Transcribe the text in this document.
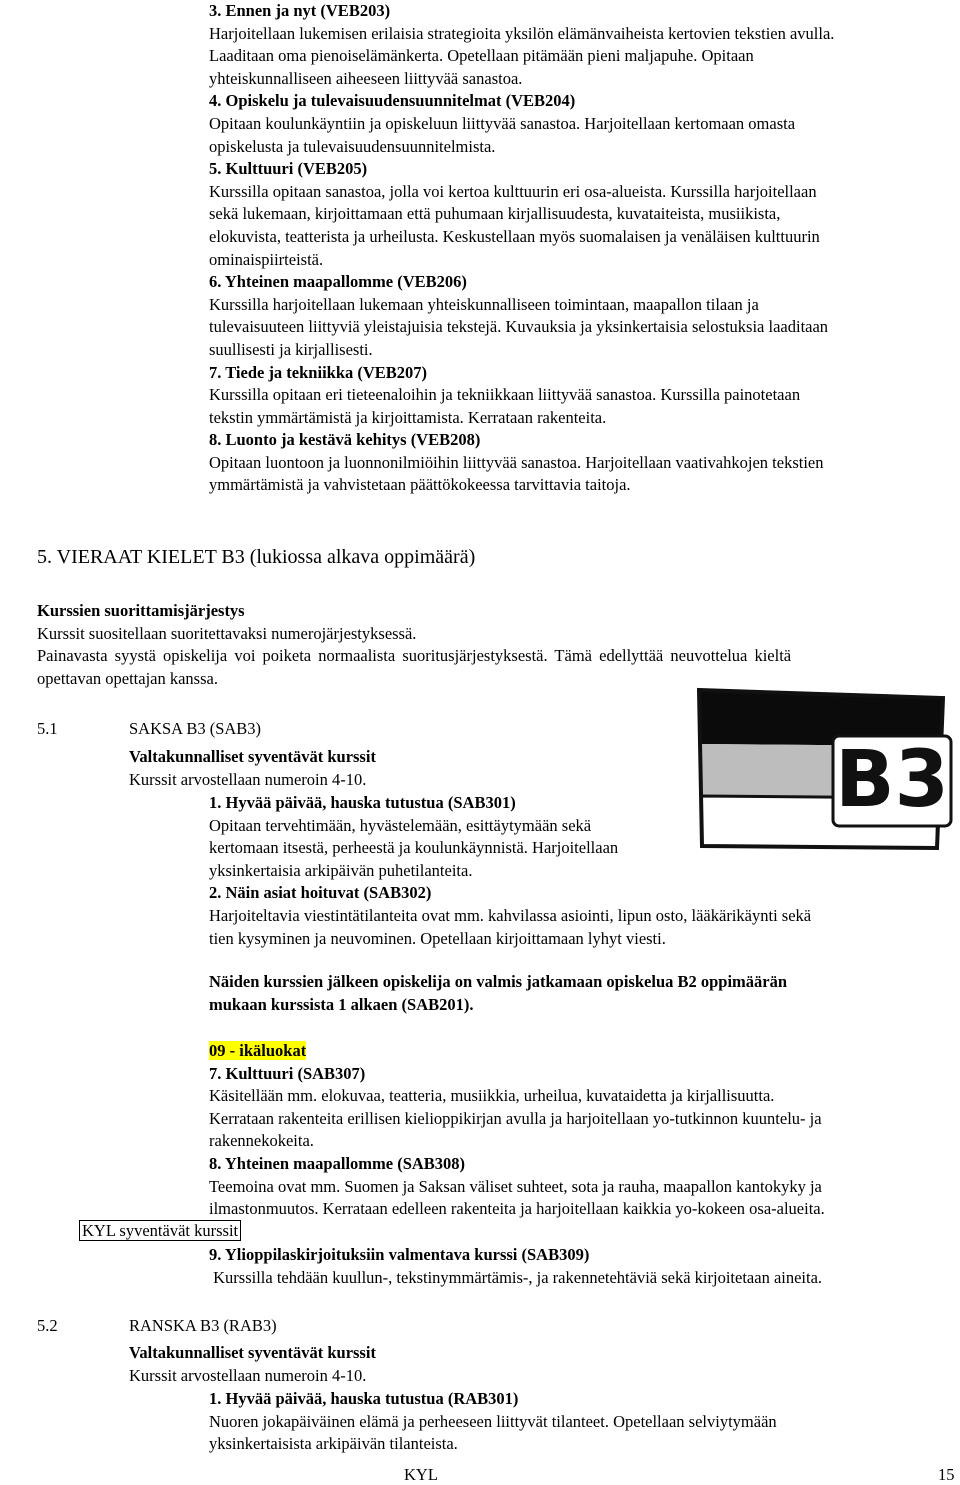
3. Ennen ja nyt (VEB203)
Harjoitellaan lukemisen erilaisia strategioita yksilön elämänvaiheista kertovien tekstien avulla.
Laaditaan oma pienoiselämänkerta. Opetellaan pitämään pieni maljapuhe. Opitaan
yhteiskunnalliseen aiheeseen liittyvää sanastoa.
4. Opiskelu ja tulevaisuudensuunnitelmat (VEB204)
Opitaan koulunkäyntiin ja opiskeluun liittyvää sanastoa. Harjoitellaan kertomaan omasta
opiskelusta ja tulevaisuudensuunnitelmista.
5. Kulttuuri (VEB205)
Kurssilla opitaan sanastoa, jolla voi kertoa kulttuurin eri osa-alueista. Kurssilla harjoitellaan
sekä lukemaan, kirjoittamaan että puhumaan kirjallisuudesta, kuvataiteista, musiikista,
elokuvista, teatterista ja urheilusta. Keskustellaan myös suomalaisen ja venäläisen kulttuurin
ominaispiirteistä.
6. Yhteinen maapallomme (VEB206)
Kurssilla harjoitellaan lukemaan yhteiskunnalliseen toimintaan, maapallon tilaan ja
tulevaisuuteen liittyviä yleistajuisia tekstejä. Kuvauksia ja yksinkertaisia selostuksia laaditaan
suullisesti ja kirjallisesti.
7. Tiede ja tekniikka (VEB207)
Kurssilla opitaan eri tieteenaloihin ja tekniikkaan liittyvää sanastoa. Kurssilla painotetaan
tekstin ymmärtämistä ja kirjoittamista. Kerrataan rakenteita.
8. Luonto ja kestävä kehitys (VEB208)
Opitaan luontoon ja luonnonilmiöihin liittyvää sanastoa. Harjoitellaan vaativahkojen tekstien
ymmärtämistä ja vahvistetaan päättökokeessa tarvittavia taitoja.
5. VIERAAT KIELET B3 (lukiossa alkava oppimäärä)
Kurssien suorittamisjärjestys
Kurssit suositellaan suoritettavaksi numerojärjestyksessä.
Painavasta syystä opiskelija voi poiketa normaalista suoritusjärjestyksestä. Tämä edellyttää neuvottelua kieltä
opettavan opettajan kanssa.
5.1	SAKSA B3 (SAB3)
Valtakunnalliset syventävät kurssit
Kurssit arvostellaan numeroin 4-10.
1. Hyvää päivää, hauska tutustua (SAB301)
Opitaan tervehtimään, hyvästelemään, esittäytymään sekä
kertomaan itsestä, perheestä ja koulunkäynnistä. Harjoitellaan
yksinkertaisia arkipäivän puhetilanteita.
2. Näin asiat hoituvat (SAB302)
Harjoiteltavia viestintätilanteita ovat mm. kahvilassa asiointi, lipun osto, lääkärikäynti sekä
tien kysyminen ja neuvominen. Opetellaan kirjoittamaan lyhyt viesti.
Näiden kurssien jälkeen opiskelija on valmis jatkamaan opiskelua B2 oppimäärän
mukaan kurssista 1 alkaen (SAB201).
09 - ikäluokat
7. Kulttuuri (SAB307)
Käsitellään mm. elokuvaa, teatteria, musiikkia, urheilua, kuvataidetta ja kirjallisuutta.
Kerrataan rakenteita erillisen kielioppikirjan avulla ja harjoitellaan yo-tutkinnon kuuntelu- ja
rakennekokeita.
8. Yhteinen maapallomme (SAB308)
Teemoina ovat mm. Suomen ja Saksan väliset suhteet, sota ja rauha, maapallon kantokyky ja
ilmastonmuutos. Kerrataan edelleen rakenteita ja harjoitellaan kaikkia yo-kokeen osa-alueita.
KYL syventävät kurssit
9. Ylioppilaskirjoituksiin valmentava kurssi (SAB309)
Kurssilla tehdään kuullun-, tekstinymmärtämis-, ja rakennetehtäviä sekä kirjoitetaan aineita.
B3
5.2	RANSKA B3 (RAB3)
Valtakunnalliset syventävät kurssit
Kurssit arvostellaan numeroin 4-10.
1. Hyvää päivää, hauska tutustua (RAB301)
Nuoren jokapäiväinen elämä ja perheeseen liittyvät tilanteet. Opetellaan selviytymään
yksinkertaisista arkipäivän tilanteista.
KYL	15
